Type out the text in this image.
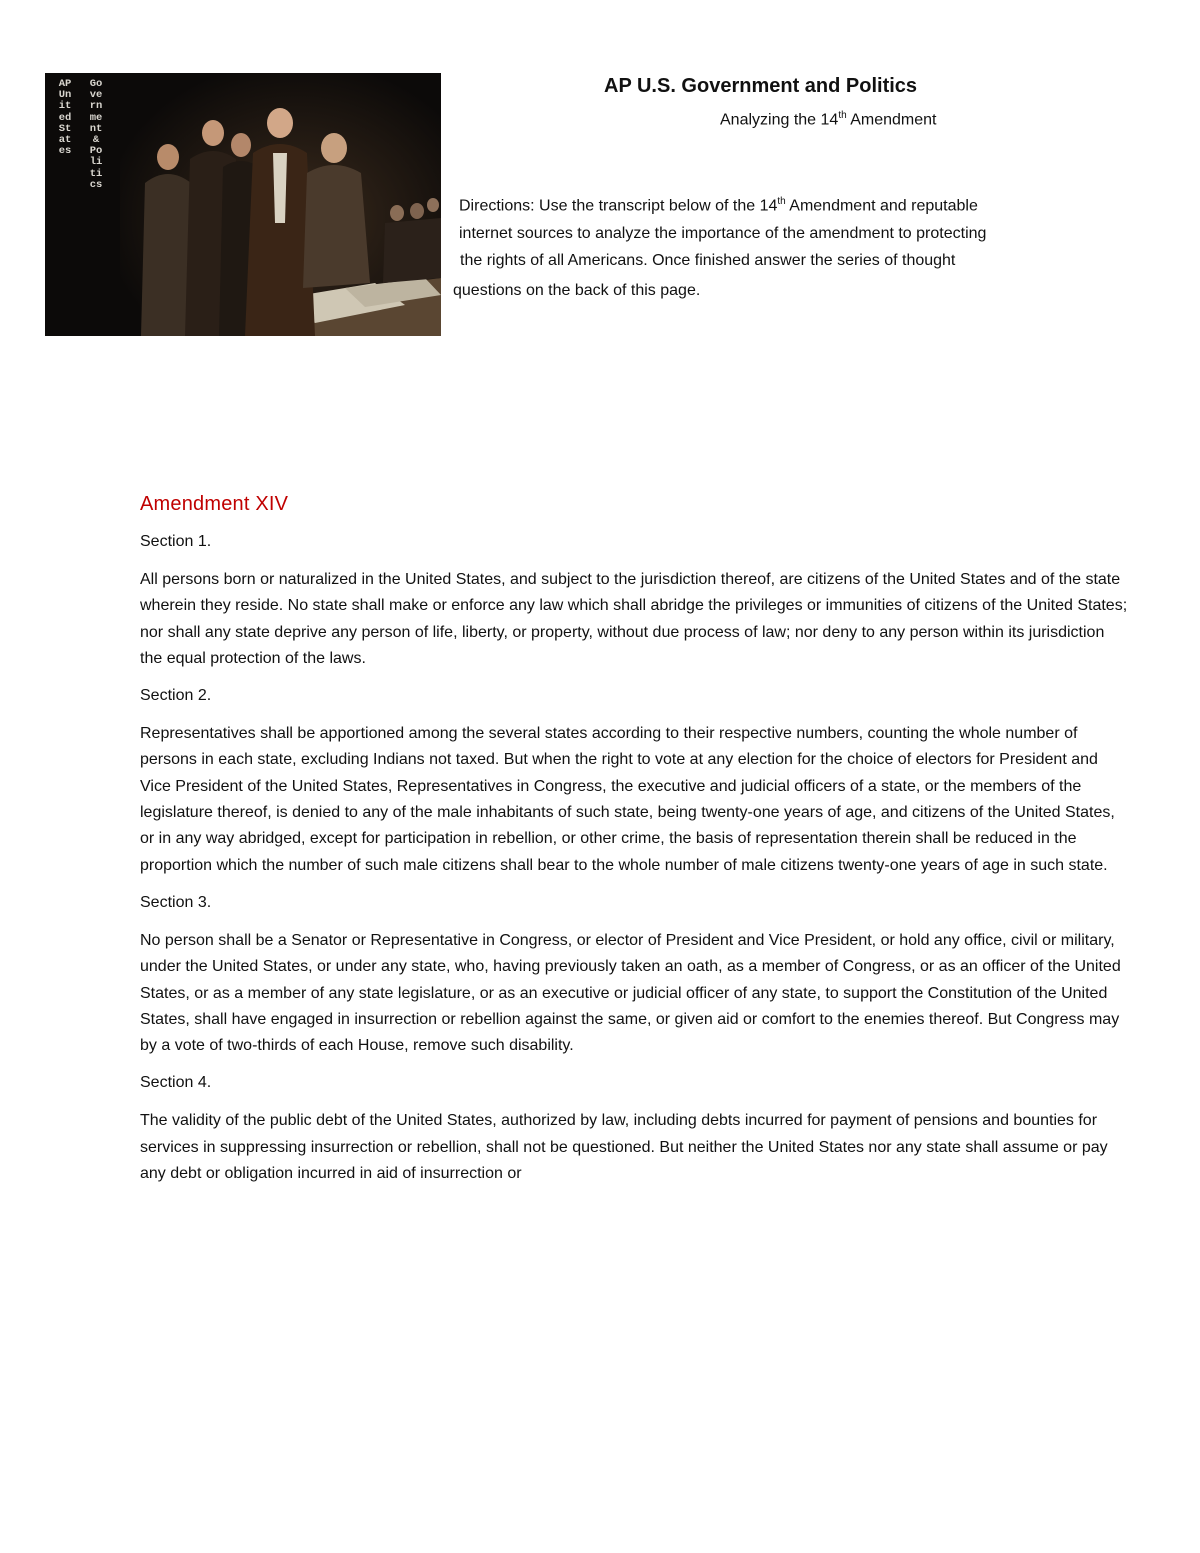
AP United States
Government & Politics
AP U.S. Government and Politics

Analyzing the 14th Amendment

Directions: Use the transcript below of the 14th Amendment and reputable

internet sources to analyze the importance of the amendment to protecting

the rights of all Americans. Once finished answer the series of thought

questions on the back of this page.

Amendment XIV

Section 1.

All persons born or naturalized in the United States, and subject to the jurisdiction thereof, are citizens of the United States and of the state wherein they reside. No state shall make or enforce any law which shall abridge the privileges or immunities of citizens of the United States; nor shall any state deprive any person of life, liberty, or property, without due process of law; nor deny to any person within its jurisdiction the equal protection of the laws.

Section 2.

Representatives shall be apportioned among the several states according to their respective numbers, counting the whole number of persons in each state, excluding Indians not taxed. But when the right to vote at any election for the choice of electors for President and Vice President of the United States, Representatives in Congress, the executive and judicial officers of a state, or the members of the legislature thereof, is denied to any of the male inhabitants of such state, being twenty-one years of age, and citizens of the United States, or in any way abridged, except for participation in rebellion, or other crime, the basis of representation therein shall be reduced in the proportion which the number of such male citizens shall bear to the whole number of male citizens twenty-one years of age in such state.

Section 3.

No person shall be a Senator or Representative in Congress, or elector of President and Vice President, or hold any office, civil or military, under the United States, or under any state, who, having previously taken an oath, as a member of Congress, or as an officer of the United States, or as a member of any state legislature, or as an executive or judicial officer of any state, to support the Constitution of the United States, shall have engaged in insurrection or rebellion against the same, or given aid or comfort to the enemies thereof. But Congress may by a vote of two-thirds of each House, remove such disability.

Section 4.

The validity of the public debt of the United States, authorized by law, including debts incurred for payment of pensions and bounties for services in suppressing insurrection or rebellion, shall not be questioned. But neither the United States nor any state shall assume or pay any debt or obligation incurred in aid of insurrection or
